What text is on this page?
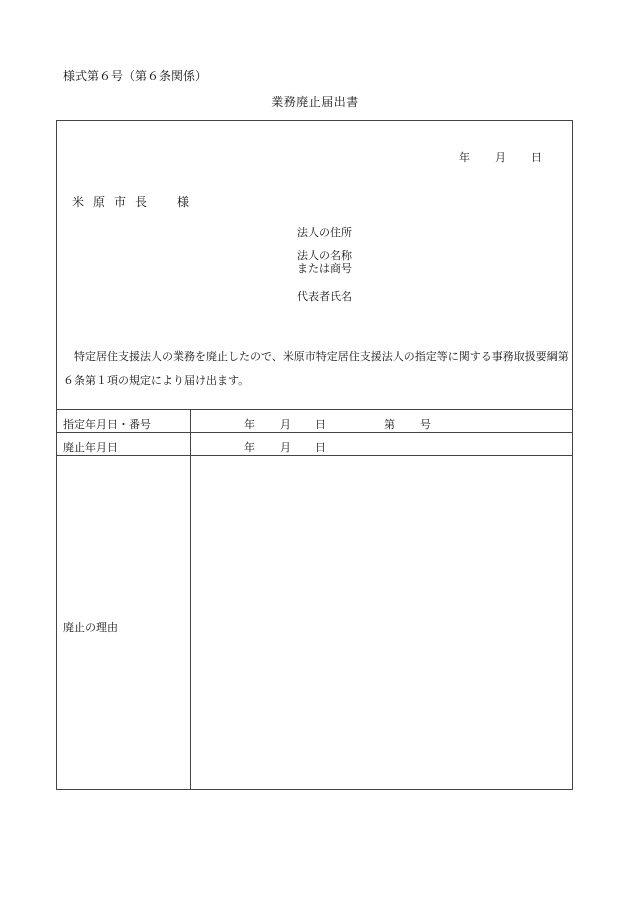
様式第６号（第６条関係）
業務廃止届出書
年 月 日
米原市長　様
法人の住所
法人の名称
または商号
代表者氏名
特定居住支援法人の業務を廃止したので、米原市特定居住支援法人の指定等に関する事務取扱要綱第６条第１項の規定により届け出ます。
指定年月日・番号	年 月 日	第 号
廃止年月日	年 月 日
廃止の理由
